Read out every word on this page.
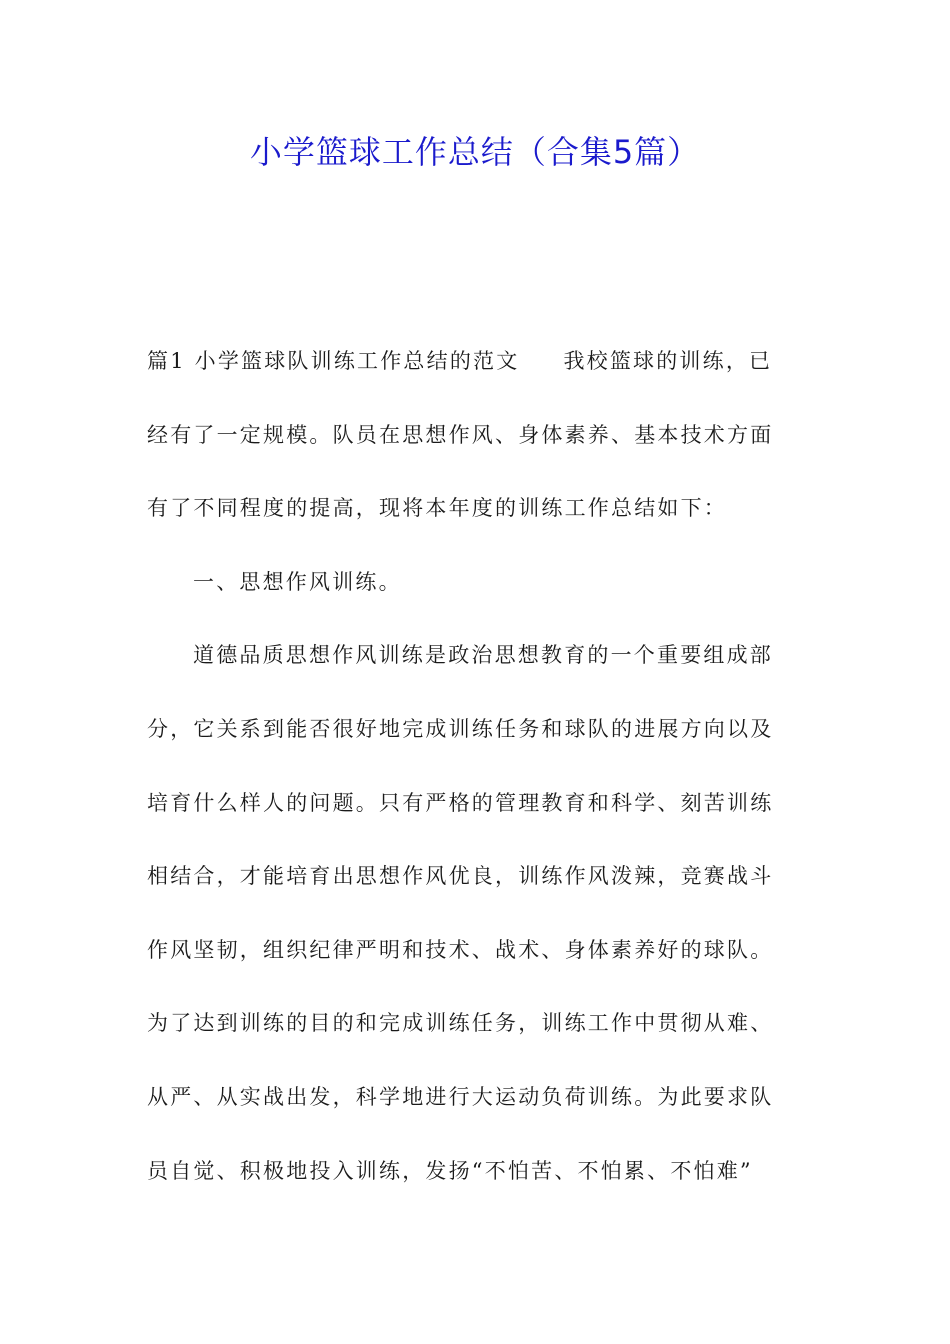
小学篮球工作总结（合集5篇）
篇1 小学篮球队训练工作总结的范文 我校篮球的训练，已
经有了一定规模。队员在思想作风、身体素养、基本技术方面
有了不同程度的提高，现将本年度的训练工作总结如下：
一、思想作风训练。
道德品质思想作风训练是政治思想教育的一个重要组成部
分，它关系到能否很好地完成训练任务和球队的进展方向以及
培育什么样人的问题。只有严格的管理教育和科学、刻苦训练
相结合，才能培育出思想作风优良，训练作风泼辣，竞赛战斗
作风坚韧，组织纪律严明和技术、战术、身体素养好的球队。
为了达到训练的目的和完成训练任务，训练工作中贯彻从难、
从严、从实战出发，科学地进行大运动负荷训练。为此要求队
员自觉、积极地投入训练，发扬“不怕苦、不怕累、不怕难”
